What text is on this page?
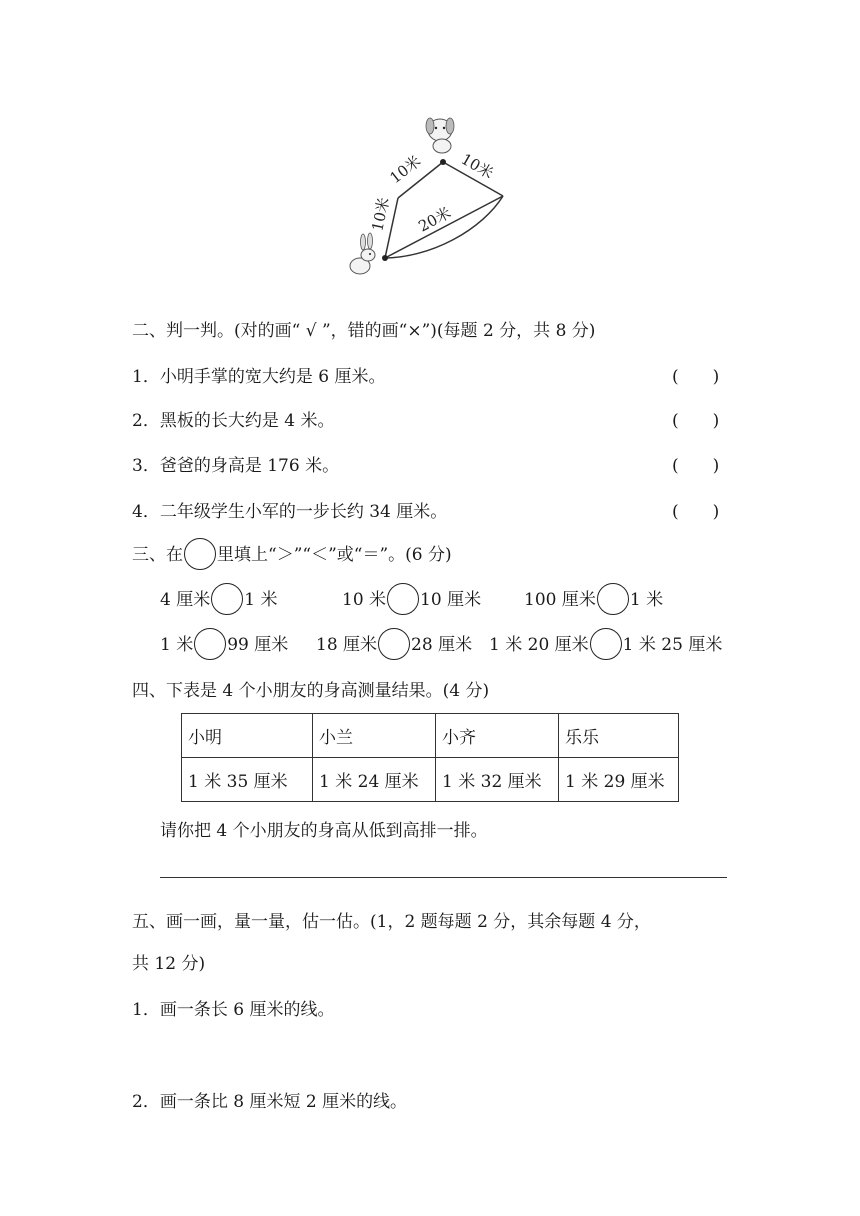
10米
10米 10米
20米
二、判一判。(对的画“ √ ”，错的画“×”)(每题 2 分，共 8 分)
1．小明手掌的宽大约是 6 厘米。	(　　)
2．黑板的长大约是 4 米。	(　　)
3．爸爸的身高是 176 米。	(　　)
4．二年级学生小军的一步长约 34 厘米。	(　　)
三、在 里填上“＞”“＜”或“＝”。(6 分)
4 厘米 1 米	10 米 10 厘米	100 厘米 1 米
1 米 99 厘米 18 厘米 28 厘米 1 米 20 厘米 1 米 25 厘米
四、下表是 4 个小朋友的身高测量结果。(4 分)
小明	小兰	小齐	乐乐
1 米 35 厘米	1 米 24 厘米	1 米 32 厘米	1 米 29 厘米
请你把 4 个小朋友的身高从低到高排一排。
五、画一画，量一量，估一估。(1，2 题每题 2 分，其余每题 4 分，
共 12 分)
1．画一条长 6 厘米的线。
2．画一条比 8 厘米短 2 厘米的线。
